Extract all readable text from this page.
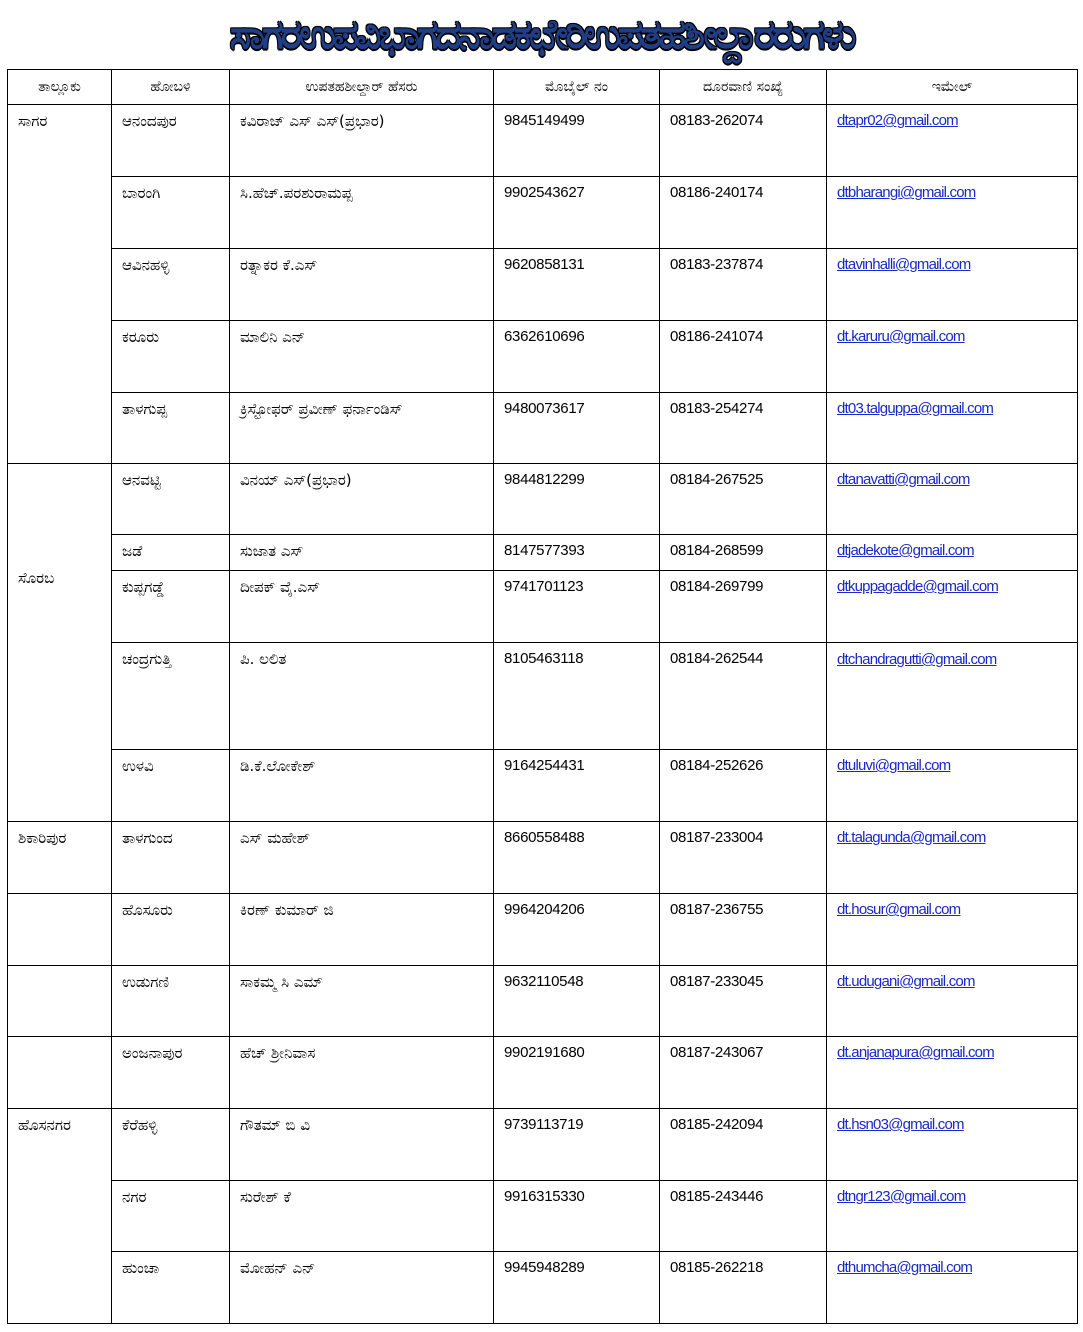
ಸಾಗರಉಪವಿಭಾಗದನಾಡಕಛೇರಿಉಪತಹಶೀಲ್ದಾರರುಗಳು
ತಾಲ್ಲೂಕು	ಹೋಬಳಿ	ಉಪತಹಶೀಲ್ದಾರ್ ಹೆಸರು	ಮೊಬೈಲ್ ನಂ	ದೂರವಾಣಿ ಸಂಖ್ಯೆ	ಇಮೇಲ್
ಸಾಗರ	ಆನಂದಪುರ	ಕವಿರಾಜ್ ಎಸ್ ಎಸ್(ಪ್ರಭಾರ)	9845149499	08183-262074	dtapr02@gmail.com
	ಬಾರಂಗಿ	ಸಿ.ಹೆಚ್.ಪರಶುರಾಮಪ್ಪ	9902543627	08186-240174	dtbharangi@gmail.com
	ಆವಿನಹಳ್ಳಿ	ರತ್ನಾಕರ ಕೆ.ಎಸ್	9620858131	08183-237874	dtavinhalli@gmail.com
	ಕರೂರು	ಮಾಲಿನಿ ಎನ್	6362610696	08186-241074	dt.karuru@gmail.com
	ತಾಳಗುಪ್ಪ	ಕ್ರಿಸ್ಟೋಫರ್ ಪ್ರವೀಣ್ ಫರ್ನಾಂಡಿಸ್	9480073617	08183-254274	dt03.talguppa@gmail.com
ಸೊರಬ	ಆನವಟ್ಟಿ	ವಿನಯ್ ಎಸ್(ಪ್ರಭಾರ)	9844812299	08184-267525	dtanavatti@gmail.com
	ಜಡೆ	ಸುಜಾತ ಎಸ್	8147577393	08184-268599	dtjadekote@gmail.com
	ಕುಪ್ಪಗಡ್ಡೆ	ದೀಪಕ್ ವೈ.ಎಸ್	9741701123	08184-269799	dtkuppagadde@gmail.com
	ಚಂದ್ರಗುತ್ತಿ	ಪಿ. ಲಲಿತ	8105463118	08184-262544	dtchandragutti@gmail.com
	ಉಳವಿ	ಡಿ.ಕೆ.ಲೋಕೇಶ್	9164254431	08184-252626	dtuluvi@gmail.com
ಶಿಕಾರಿಪುರ	ತಾಳಗುಂದ	ಎಸ್ ಮಹೇಶ್	8660558488	08187-233004	dt.talagunda@gmail.com
	ಹೊಸೂರು	ಕಿರಣ್ ಕುಮಾರ್ ಜಿ	9964204206	08187-236755	dt.hosur@gmail.com
	ಉಡುಗಣಿ	ಸಾಕಮ್ಮ ಸಿ ಎಮ್	9632110548	08187-233045	dt.udugani@gmail.com
	ಅಂಜನಾಪುರ	ಹೆಚ್ ಶ್ರೀನಿವಾಸ	9902191680	08187-243067	dt.anjanapura@gmail.com
ಹೊಸನಗರ	ಕೆರೆಹಳ್ಳಿ	ಗೌತಮ್ ಬಿ ವಿ	9739113719	08185-242094	dt.hsn03@gmail.com
	ನಗರ	ಸುರೇಶ್ ಕೆ	9916315330	08185-243446	dtngr123@gmail.com
	ಹುಂಚಾ	ಮೋಹನ್ ಎನ್	9945948289	08185-262218	dthumcha@gmail.com
